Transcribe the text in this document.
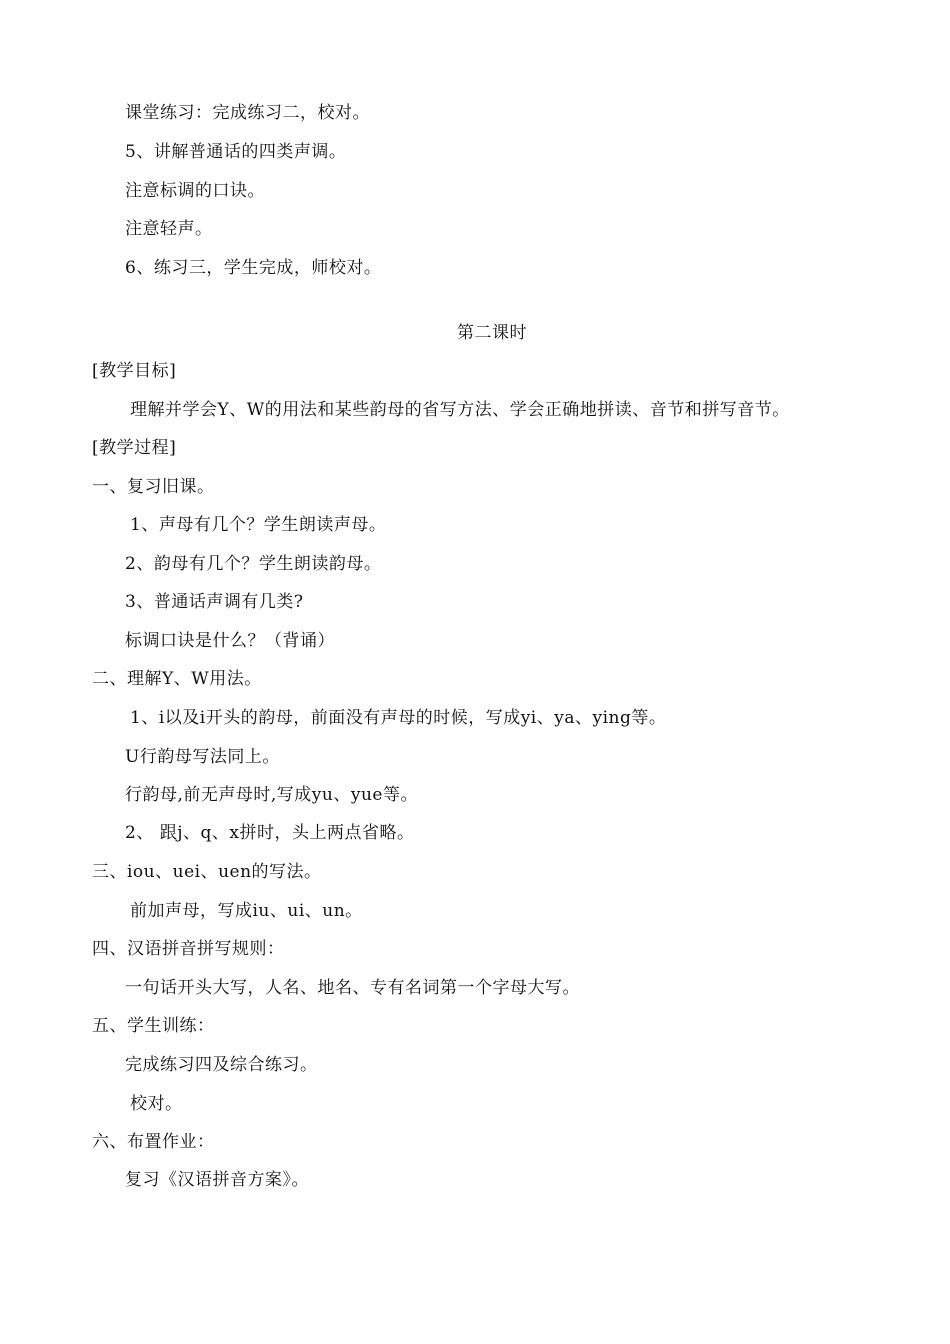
课堂练习：完成练习二，校对。
5、讲解普通话的四类声调。
注意标调的口诀。
注意轻声。
6、练习三，学生完成，师校对。
第二课时
[教学目标]
理解并学会Y、W的用法和某些韵母的省写方法、学会正确地拼读、音节和拼写音节。
[教学过程]
一、复习旧课。
1、声母有几个？学生朗读声母。
2、韵母有几个？学生朗读韵母。
3、普通话声调有几类?
标调口诀是什么？（背诵）
二、理解Y、W用法。
1、i以及i开头的韵母，前面没有声母的时候，写成yi、ya、ying等。
U行韵母写法同上。
行韵母,前无声母时,写成yu、yue等。
2、 跟j、q、x拼时，头上两点省略。
三、iou、uei、uen的写法。
前加声母，写成iu、ui、un。
四、汉语拼音拼写规则：
一句话开头大写，人名、地名、专有名词第一个字母大写。
五、学生训练：
完成练习四及综合练习。
校对。
六、布置作业：
复习《汉语拼音方案》。
